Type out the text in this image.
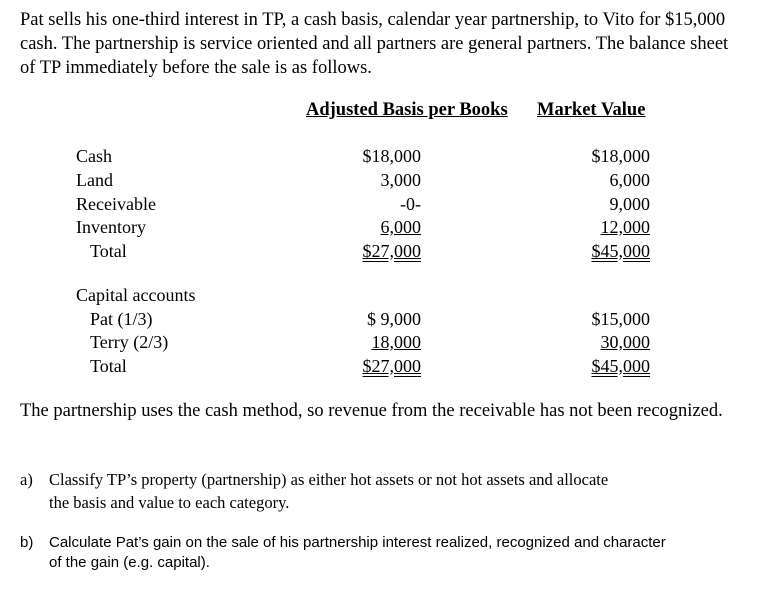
Pat sells his one-third interest in TP, a cash basis, calendar year partnership, to Vito for $15,000
cash. The partnership is service oriented and all partners are general partners. The balance sheet
of TP immediately before the sale is as follows.
Adjusted Basis per Books Market Value
Cash
Land
Receivable
Inventory
Total
$18,000
3,000
-0-
6,000
$27,000
$18,000
6,000
9,000
12,000
$45,000
Capital accounts
Pat (1/3)
Terry (2/3)
Total
$ 9,000
18,000
$27,000
$15,000
30,000
$45,000
The partnership uses the cash method, so revenue from the receivable has not been recognized.
a) Classify TP’s property (partnership) as either hot assets or not hot assets and allocate
the basis and value to each category.
b) Calculate Pat’s gain on the sale of his partnership interest realized, recognized and character
of the gain (e.g. capital).
